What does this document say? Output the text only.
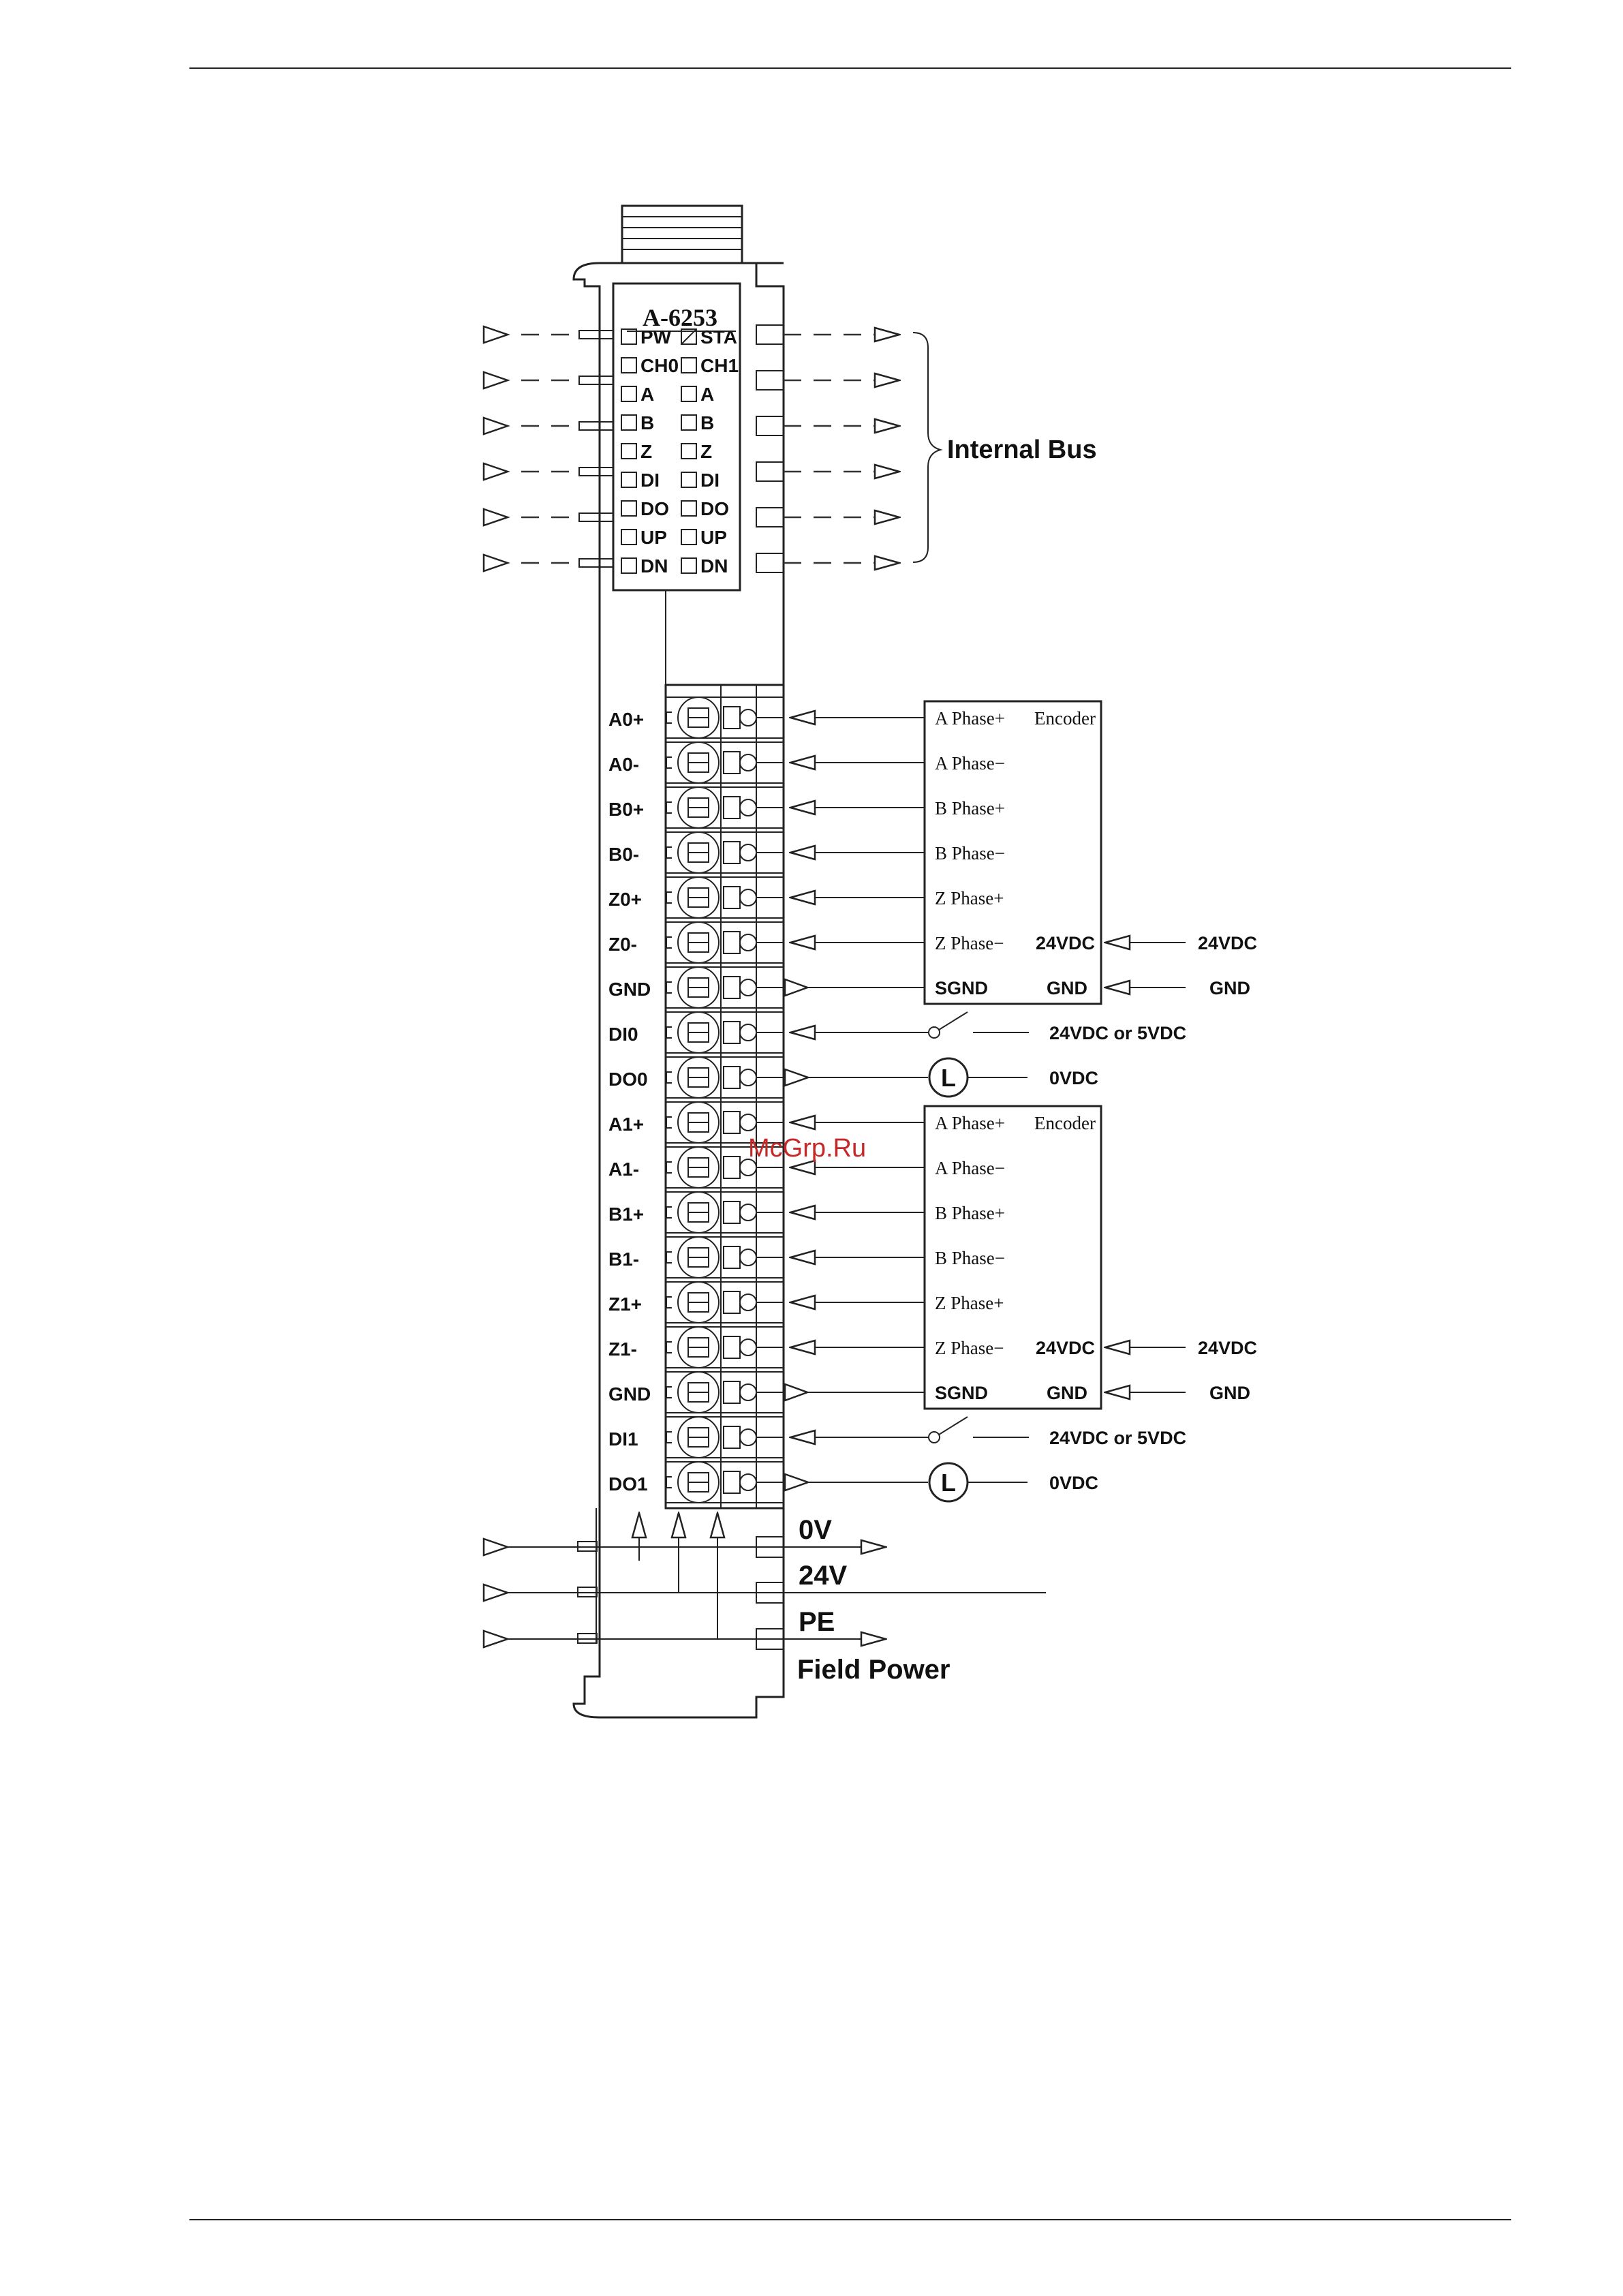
A-6253
PW STA
CH0 CH1
A A
B B
Z	Z
DI DI
DO DO
UP UP
DN DN
Internal Bus
A0+
A0-
B0+
B0-
Z0+
Z0-
GND
DI0
DO0
A1+
A1-
B1+
B1-
Z1+
Z1-
GND
DI1
DO1
Encoder
A Phase+
A Phase−
B Phase+
B Phase−
Z Phase+
Z Phase−
SGND
24VDC
GND
24VDC
GND
Encoder
A Phase+
A Phase−
B Phase+
B Phase−
Z Phase+
Z Phase−
SGND
24VDC
GND
24VDC
GND
24VDC or 5VDC
24VDC or 5VDC
L	0VDC
L	0VDC
0V
24V
PE
Field Power
McGrp.Ru
